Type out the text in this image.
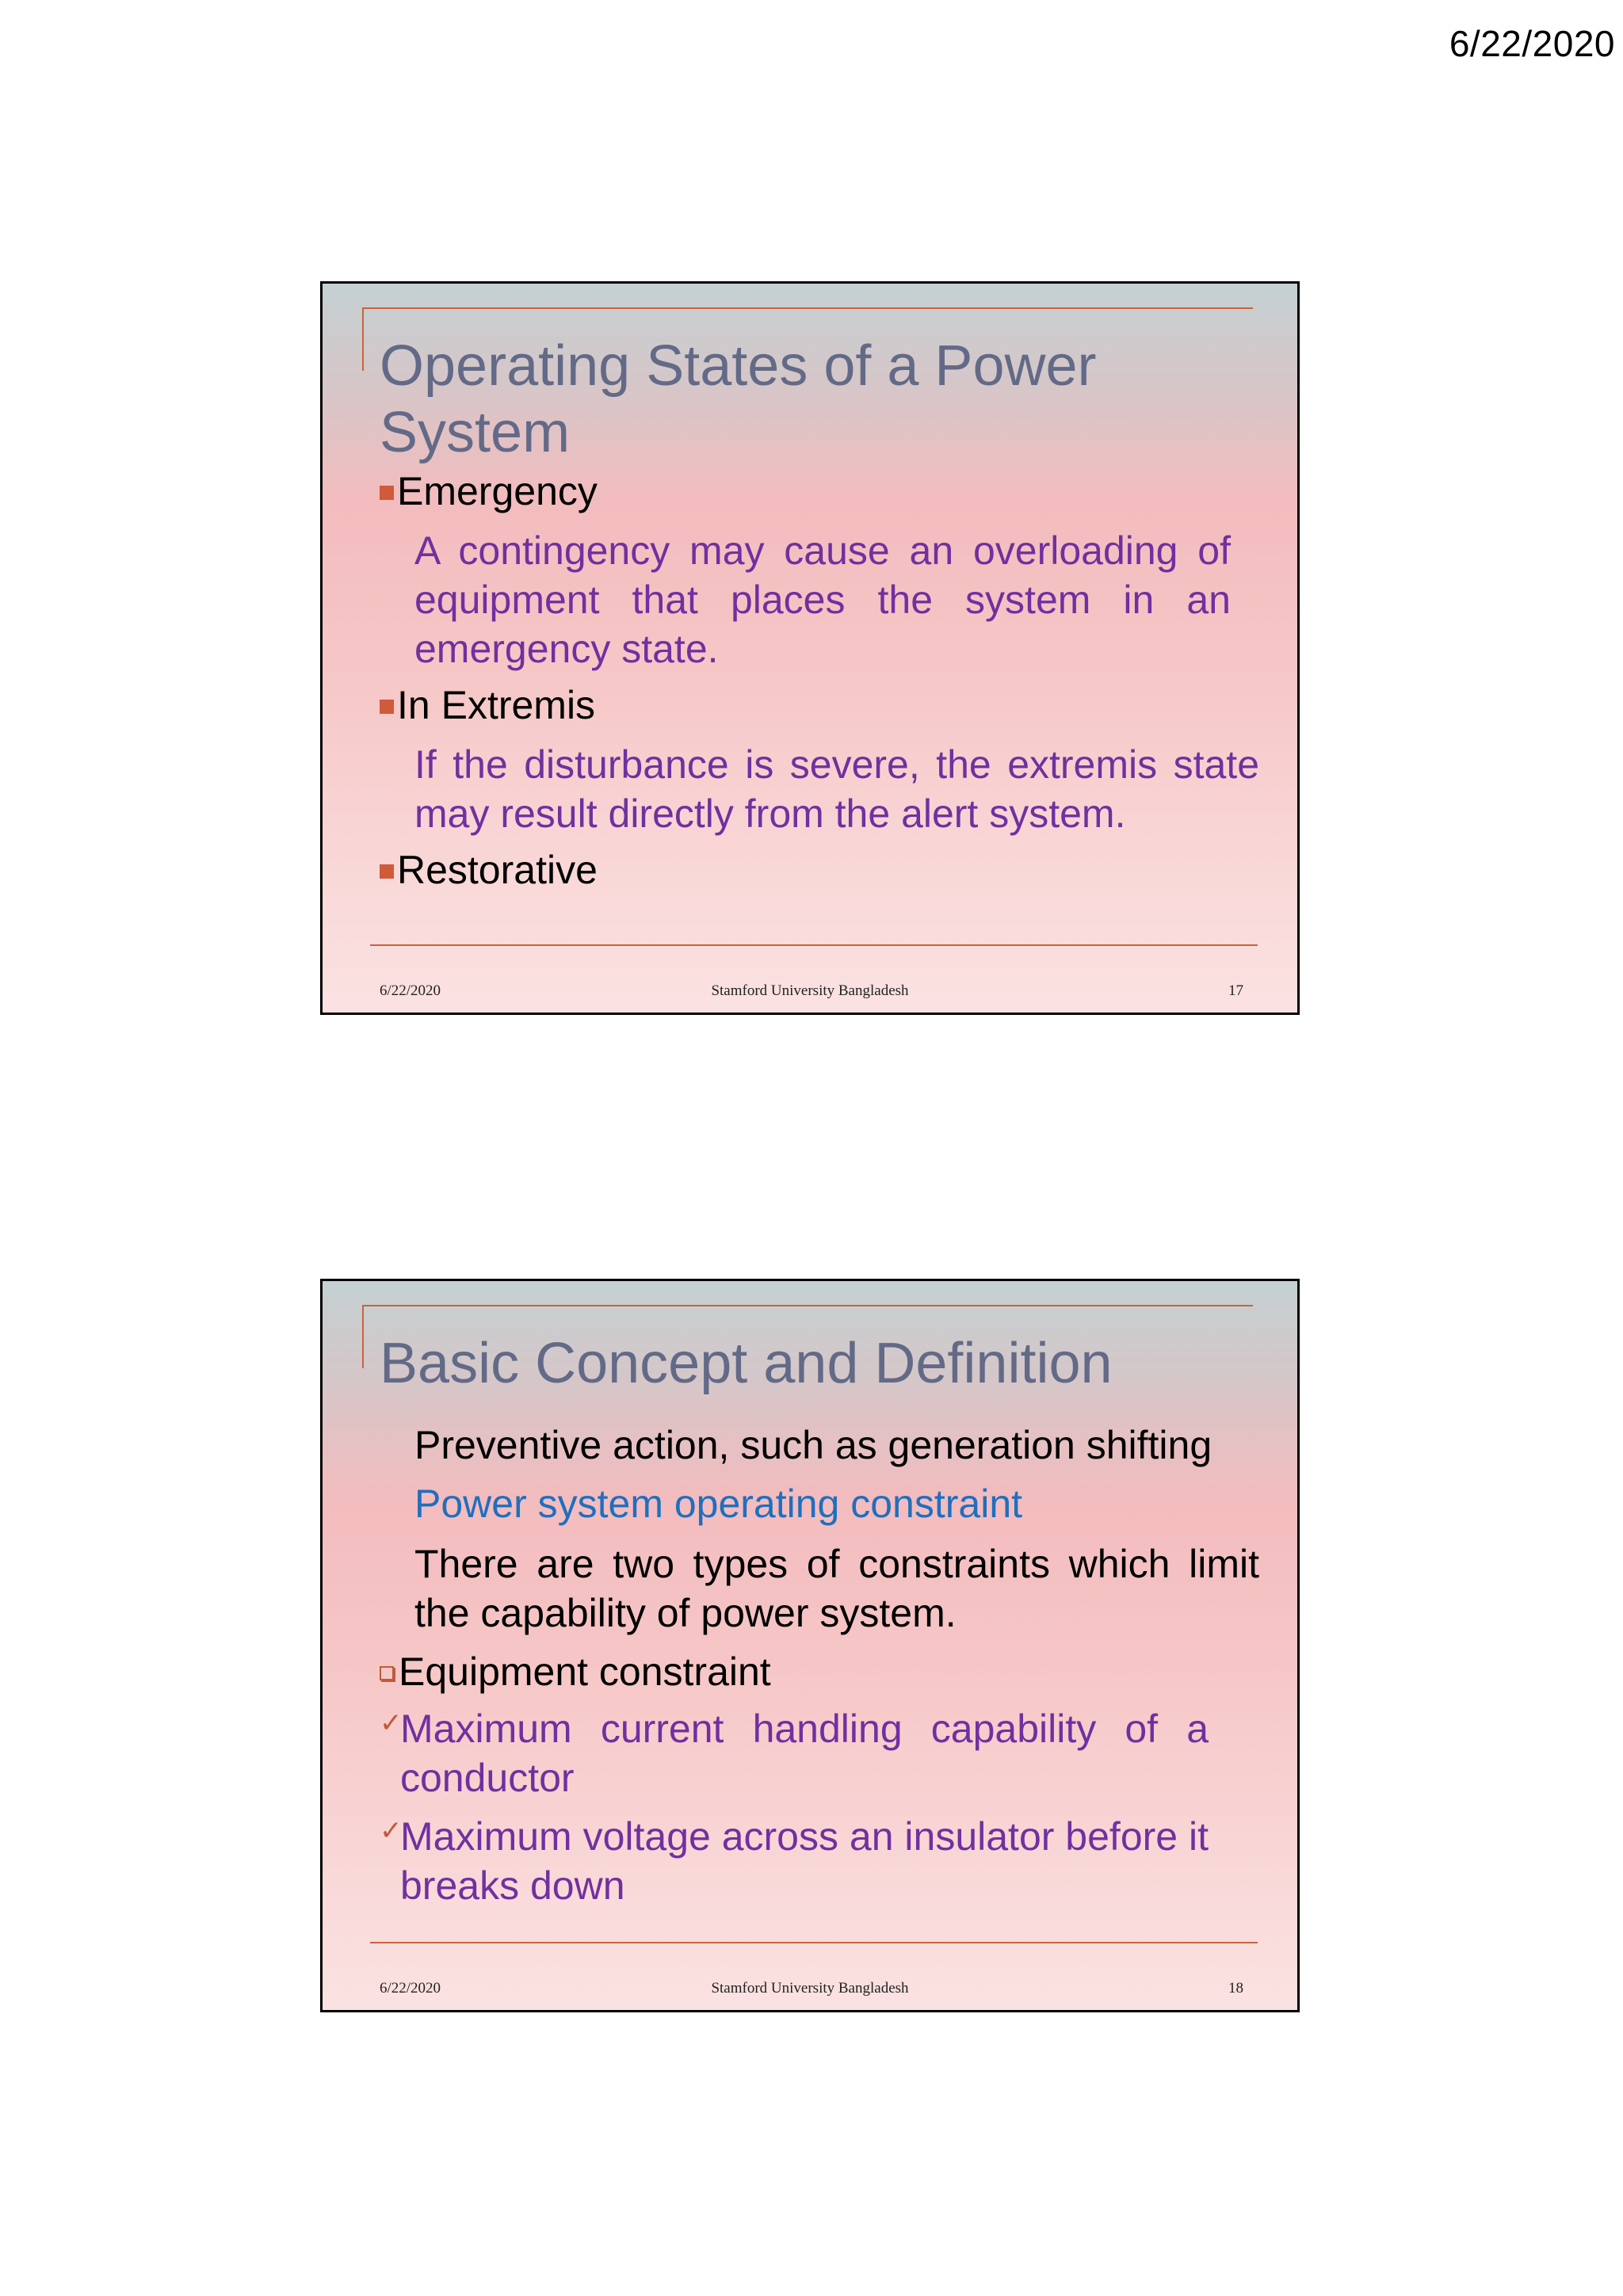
6/22/2020
Operating States of a Power System

Emergency

A contingency may cause an overloading of equipment that places the system in an emergency state.

In Extremis

If the disturbance is severe, the extremis state may result directly from the alert system.

Restorative

6/22/2020	Stamford University Bangladesh	17
Basic Concept and Definition

Preventive action, such as generation shifting

Power system operating constraint

There are two types of constraints which limit the capability of power system.

Equipment constraint

✓

Maximum current handling capability of a conductor

✓

Maximum voltage across an insulator before it breaks down

6/22/2020	Stamford University Bangladesh	18
